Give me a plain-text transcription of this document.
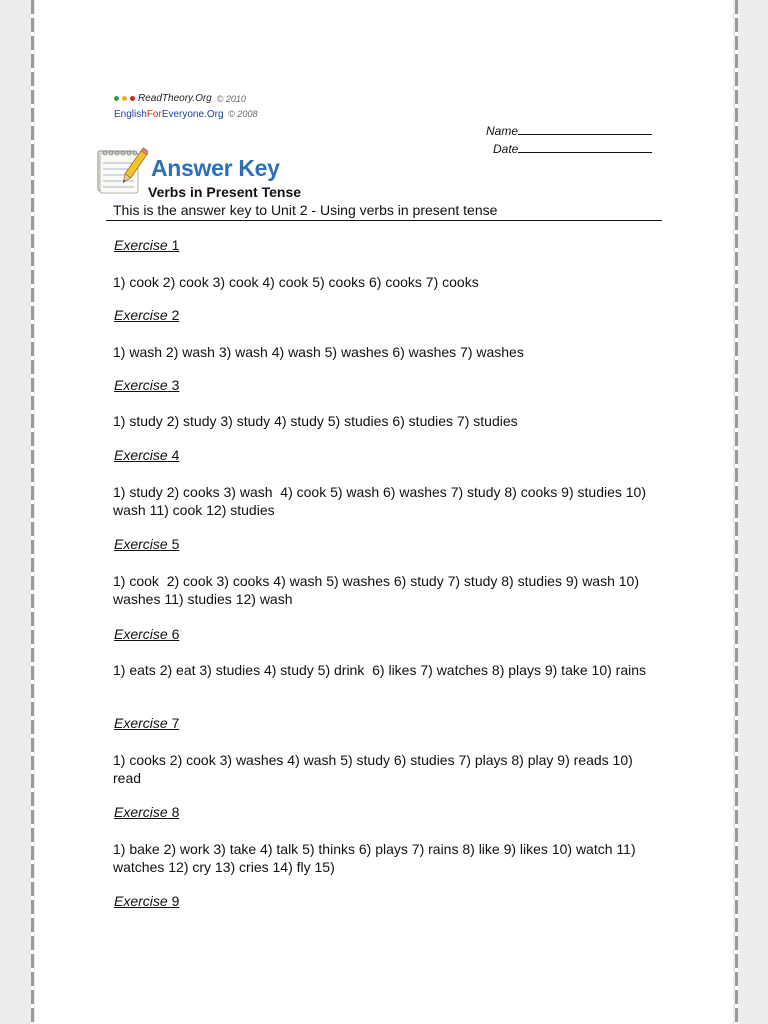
ReadTheory.Org © 2010
EnglishForEveryone.Org © 2008
Name
Date
Answer Key
Verbs in Present Tense
This is the answer key to Unit 2 - Using verbs in present tense
Exercise 1
1) cook 2) cook 3) cook 4) cook 5) cooks 6) cooks 7) cooks
Exercise 2
1) wash 2) wash 3) wash 4) wash 5) washes 6) washes 7) washes
Exercise 3
1) study 2) study 3) study 4) study 5) studies 6) studies 7) studies
Exercise 4
1) study 2) cooks 3) wash  4) cook 5) wash 6) washes 7) study 8) cooks 9) studies 10) wash 11) cook 12) studies
Exercise 5
1) cook  2) cook 3) cooks 4) wash 5) washes 6) study 7) study 8) studies 9) wash 10) washes 11) studies 12) wash
Exercise 6
1) eats 2) eat 3) studies 4) study 5) drink  6) likes 7) watches 8) plays 9) take 10) rains
Exercise 7
1) cooks 2) cook 3) washes 4) wash 5) study 6) studies 7) plays 8) play 9) reads 10) read
Exercise 8
1) bake 2) work 3) take 4) talk 5) thinks 6) plays 7) rains 8) like 9) likes 10) watch 11) watches 12) cry 13) cries 14) fly 15)
Exercise 9
